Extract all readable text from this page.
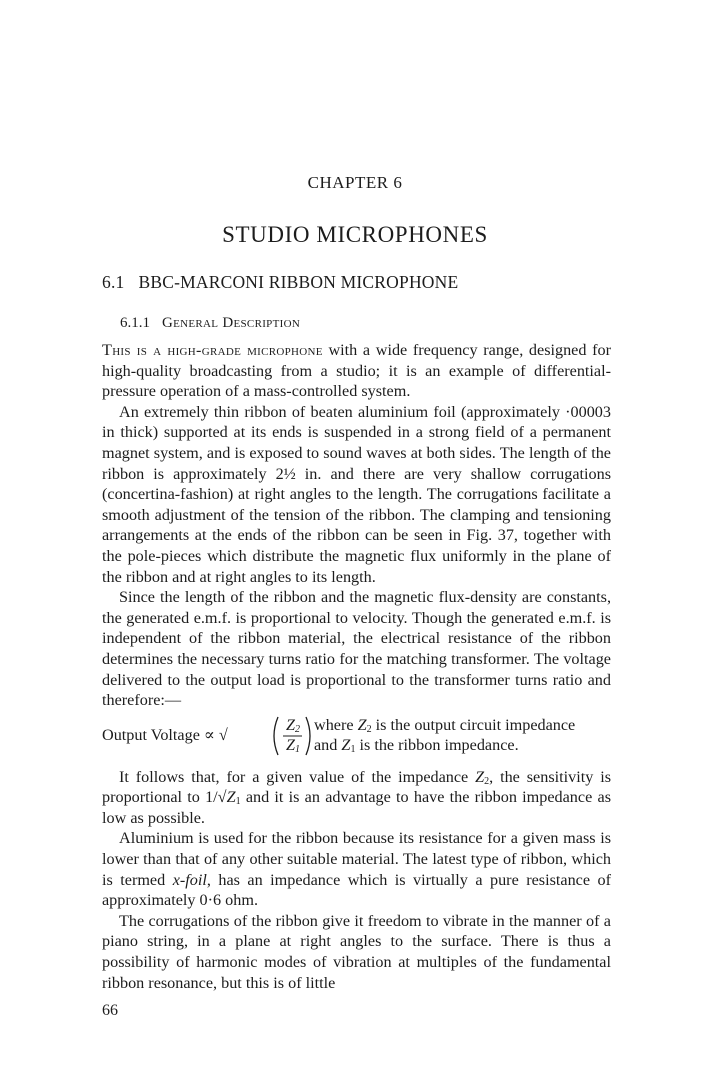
CHAPTER 6
STUDIO MICROPHONES
6.1 BBC-MARCONI RIBBON MICROPHONE
6.1.1 General Description

This is a high-grade microphone with a wide frequency range, designed for high-quality broadcasting from a studio; it is an example of differential-pressure operation of a mass-controlled system.

An extremely thin ribbon of beaten aluminium foil (approximately ·00003 in thick) supported at its ends is suspended in a strong field of a permanent magnet system, and is exposed to sound waves at both sides. The length of the ribbon is approximately 2½ in. and there are very shallow corrugations (concertina-fashion) at right angles to the length. The corrugations facilitate a smooth adjustment of the tension of the ribbon. The clamping and tensioning arrangements at the ends of the ribbon can be seen in Fig. 37, together with the pole-pieces which distribute the magnetic flux uniformly in the plane of the ribbon and at right angles to its length.

Since the length of the ribbon and the magnetic flux-density are constants, the generated e.m.f. is proportional to velocity. Though the generated e.m.f. is independent of the ribbon material, the electrical resistance of the ribbon determines the necessary turns ratio for the matching transformer. The voltage delivered to the output load is proportional to the transformer turns ratio and therefore:—

Output Voltage ∝ √
$Z_2$
$Z_1$
where $Z_2$ is the output circuit impedance
and $Z_1$ is the ribbon impedance.

It follows that, for a given value of the impedance $Z_2$, the sensitivity is proportional to $1/√Z_1$ and it is an advantage to have the ribbon impedance as low as possible.

Aluminium is used for the ribbon because its resistance for a given mass is lower than that of any other suitable material. The latest type of ribbon, which is termed x-foil, has an impedance which is virtually a pure resistance of approximately 0·6 ohm.

The corrugations of the ribbon give it freedom to vibrate in the manner of a piano string, in a plane at right angles to the surface. There is thus a possibility of harmonic modes of vibration at multiples of the fundamental ribbon resonance, but this is of little

66
